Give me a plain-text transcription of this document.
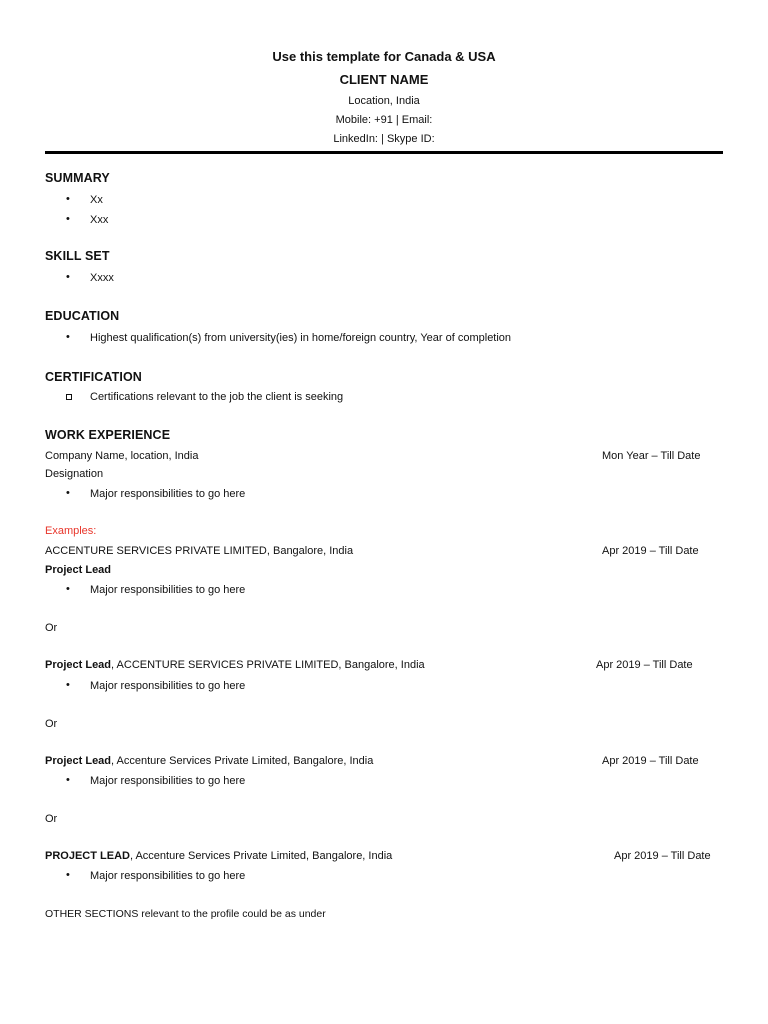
Use this template for Canada & USA
CLIENT NAME
Location, India
Mobile: +91 | Email:
LinkedIn: | Skype ID:
SUMMARY
• Xx
• Xxx
SKILL SET
• Xxxx
EDUCATION
• Highest qualification(s) from university(ies) in home/foreign country, Year of completion
CERTIFICATION
Certifications relevant to the job the client is seeking
WORK EXPERIENCE
Company Name, location, India	Mon Year – Till Date
Designation
• Major responsibilities to go here
Examples:
ACCENTURE SERVICES PRIVATE LIMITED, Bangalore, India	Apr 2019 – Till Date
Project Lead
• Major responsibilities to go here
Or
Project Lead, ACCENTURE SERVICES PRIVATE LIMITED, Bangalore, India	Apr 2019 – Till Date
• Major responsibilities to go here
Or
Project Lead, Accenture Services Private Limited, Bangalore, India	Apr 2019 – Till Date
• Major responsibilities to go here
Or
PROJECT LEAD, Accenture Services Private Limited, Bangalore, India	Apr 2019 – Till Date
• Major responsibilities to go here
OTHER SECTIONS relevant to the profile could be as under
